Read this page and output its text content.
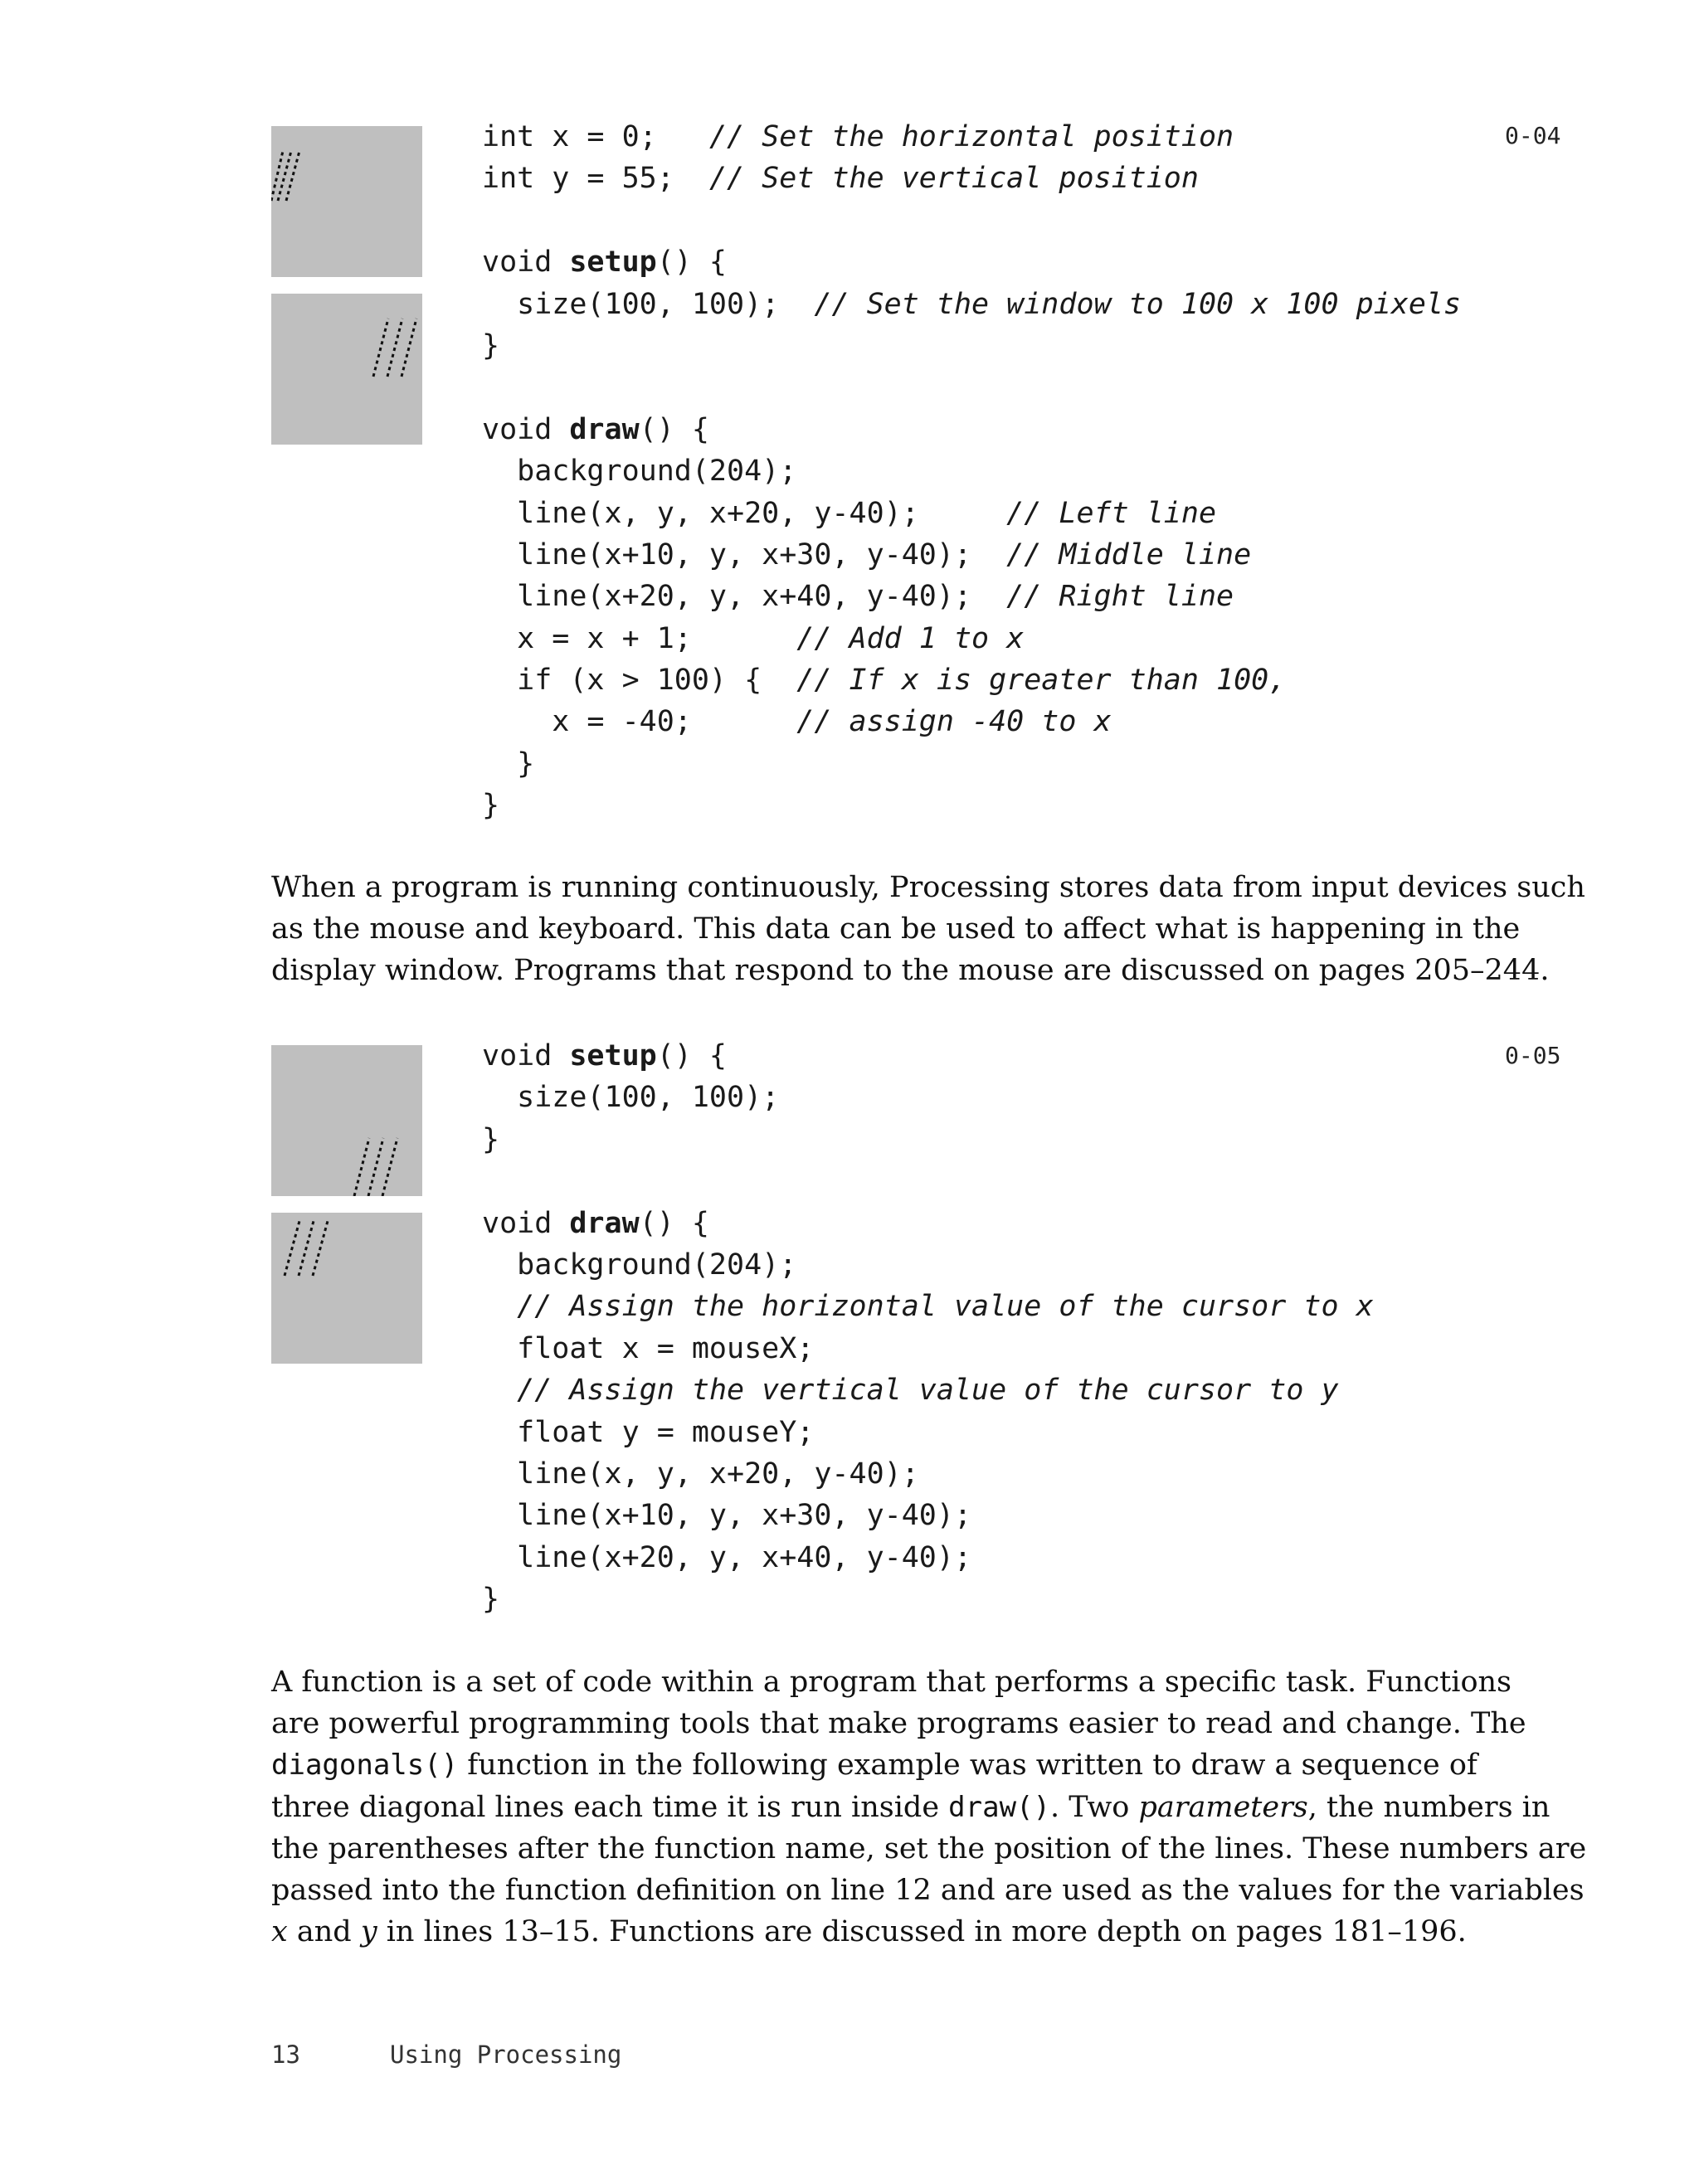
0-04
int x = 0;   // Set the horizontal position
int y = 55;  // Set the vertical position
void setup() {
size(100, 100);  // Set the window to 100 x 100 pixels
}
void draw() {
background(204);
line(x, y, x+20, y-40);     // Left line
line(x+10, y, x+30, y-40);  // Middle line
line(x+20, y, x+40, y-40);  // Right line
x = x + 1;      // Add 1 to x
if (x > 100) {  // If x is greater than 100,
x = -40;      // assign -40 to x
}
}
When a program is running continuously, Processing stores data from input devices such
as the mouse and keyboard. This data can be used to affect what is happening in the
display window. Programs that respond to the mouse are discussed on pages 205–244.
0-05
void setup() {
size(100, 100);
}
void draw() {
background(204);
// Assign the horizontal value of the cursor to x
float x = mouseX;
// Assign the vertical value of the cursor to y
float y = mouseY;
line(x, y, x+20, y-40);
line(x+10, y, x+30, y-40);
line(x+20, y, x+40, y-40);
}
A function is a set of code within a program that performs a specific task. Functions
are powerful programming tools that make programs easier to read and change. The
diagonals() function in the following example was written to draw a sequence of
three diagonal lines each time it is run inside draw(). Two parameters, the numbers in
the parentheses after the function name, set the position of the lines. These numbers are
passed into the function definition on line 12 and are used as the values for the variables
x and y in lines 13–15. Functions are discussed in more depth on pages 181–196.
13	Using Processing
